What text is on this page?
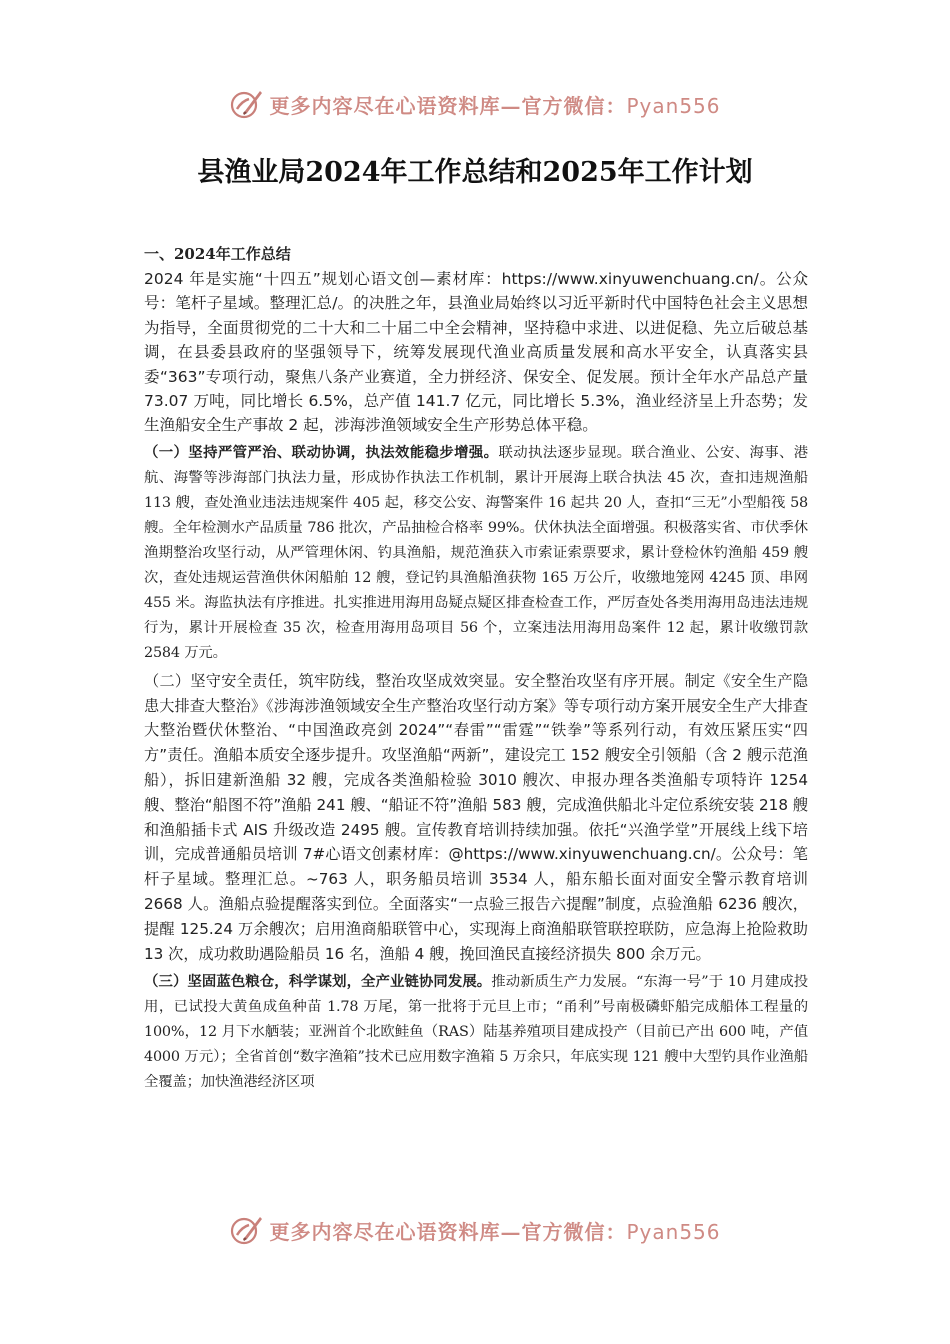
更多内容尽在心语资料库—官方微信：Pyan556
县渔业局2024年工作总结和2025年工作计划

一、2024年工作总结

2024 年是实施“十四五”规划心语文创—素材库：https://www.xinyuwenchuang.cn/。公众号：笔杆子星域。整理汇总/。的决胜之年，县渔业局始终以习近平新时代中国特色社会主义思想为指导，全面贯彻党的二十大和二十届二中全会精神，坚持稳中求进、以进促稳、先立后破总基调，在县委县政府的坚强领导下，统筹发展现代渔业高质量发展和高水平安全，认真落实县委“363”专项行动，聚焦八条产业赛道，全力拼经济、保安全、促发展。预计全年水产品总产量 73.07 万吨，同比增长 6.5%，总产值 141.7 亿元，同比增长 5.3%，渔业经济呈上升态势；发生渔船安全生产事故 2 起，涉海涉渔领域安全生产形势总体平稳。

（一）坚持严管严治、联动协调，执法效能稳步增强。联动执法逐步显现。联合渔业、公安、海事、港航、海警等涉海部门执法力量，形成协作执法工作机制，累计开展海上联合执法 45 次，查扣违规渔船 113 艘，查处渔业违法违规案件 405 起，移交公安、海警案件 16 起共 20 人，查扣“三无”小型船筏 58 艘。全年检测水产品质量 786 批次，产品抽检合格率 99%。伏休执法全面增强。积极落实省、市伏季休渔期整治攻坚行动，从严管理休闲、钓具渔船，规范渔获入市索证索票要求，累计登检休钓渔船 459 艘次，查处违规运营渔供休闲船舶 12 艘，登记钓具渔船渔获物 165 万公斤，收缴地笼网 4245 顶、串网 455 米。海监执法有序推进。扎实推进用海用岛疑点疑区排查检查工作，严厉查处各类用海用岛违法违规行为，累计开展检查 35 次，检查用海用岛项目 56 个，立案违法用海用岛案件 12 起，累计收缴罚款 2584 万元。

（二）坚守安全责任，筑牢防线，整治攻坚成效突显。安全整治攻坚有序开展。制定《安全生产隐患大排查大整治》《涉海涉渔领域安全生产整治攻坚行动方案》等专项行动方案开展安全生产大排查大整治暨伏休整治、“中国渔政亮剑 2024”“春雷”“雷霆”“铁拳”等系列行动，有效压紧压实“四方”责任。渔船本质安全逐步提升。攻坚渔船“两新”，建设完工 152 艘安全引领船（含 2 艘示范渔船），拆旧建新渔船 32 艘，完成各类渔船检验 3010 艘次、申报办理各类渔船专项特许 1254 艘、整治“船图不符”渔船 241 艘、“船证不符”渔船 583 艘，完成渔供船北斗定位系统安装 218 艘和渔船插卡式 AIS 升级改造 2495 艘。宣传教育培训持续加强。依托“兴渔学堂”开展线上线下培训，完成普通船员培训 7#心语文创素材库：@https://www.xinyuwenchuang.cn/。公众号：笔杆子星域。整理汇总。~763 人，职务船员培训 3534 人，船东船长面对面安全警示教育培训 2668 人。渔船点验提醒落实到位。全面落实“一点验三报告六提醒”制度，点验渔船 6236 艘次，提醒 125.24 万余艘次；启用渔商船联管中心，实现海上商渔船联管联控联防，应急海上抢险救助 13 次，成功救助遇险船员 16 名，渔船 4 艘，挽回渔民直接经济损失 800 余万元。

（三）坚固蓝色粮仓，科学谋划，全产业链协同发展。推动新质生产力发展。“东海一号”于 10 月建成投用，已试投大黄鱼成鱼种苗 1.78 万尾，第一批将于元旦上市；“甬利”号南极磷虾船完成船体工程量的 100%，12 月下水舾装；亚洲首个北欧鲑鱼（RAS）陆基养殖项目建成投产（目前已产出 600 吨，产值 4000 万元）；全省首创“数字渔箱”技术已应用数字渔箱 5 万余只，年底实现 121 艘中大型钓具作业渔船全覆盖；加快渔港经济区项

更多内容尽在心语资料库—官方微信：Pyan556
